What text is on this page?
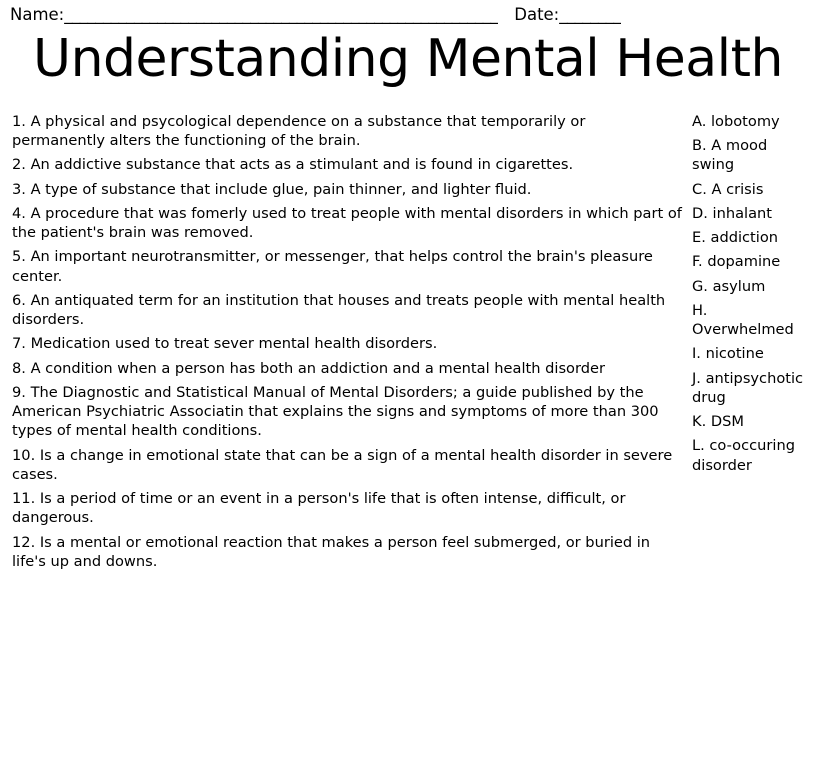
Name: ________________________________________________________ Date: ________
Understanding Mental Health
1. A physical and psycological dependence on a substance that temporarily or permanently alters the functioning of the brain.
2. An addictive substance that acts as a stimulant and is found in cigarettes.
3. A type of substance that include glue, pain thinner, and lighter fluid.
4. A procedure that was fomerly used to treat people with mental disorders in which part of the patient's brain was removed.
5. An important neurotransmitter, or messenger, that helps control the brain's pleasure center.
6. An antiquated term for an institution that houses and treats people with mental health disorders.
7. Medication used to treat sever mental health disorders.
8. A condition when a person has both an addiction and a mental health disorder
9. The Diagnostic and Statistical Manual of Mental Disorders; a guide published by the American Psychiatric Associatin that explains the signs and symptoms of more than 300 types of mental health conditions.
10. Is a change in emotional state that can be a sign of a mental health disorder in severe cases.
11. Is a period of time or an event in a person's life that is often intense, difficult, or dangerous.
12. Is a mental or emotional reaction that makes a person feel submerged, or buried in life's up and downs.
A. lobotomy
B. A mood swing
C. A crisis
D. inhalant
E. addiction
F. dopamine
G. asylum
H. Overwhelmed
I. nicotine
J. antipsychotic drug
K. DSM
L. co-occuring disorder
